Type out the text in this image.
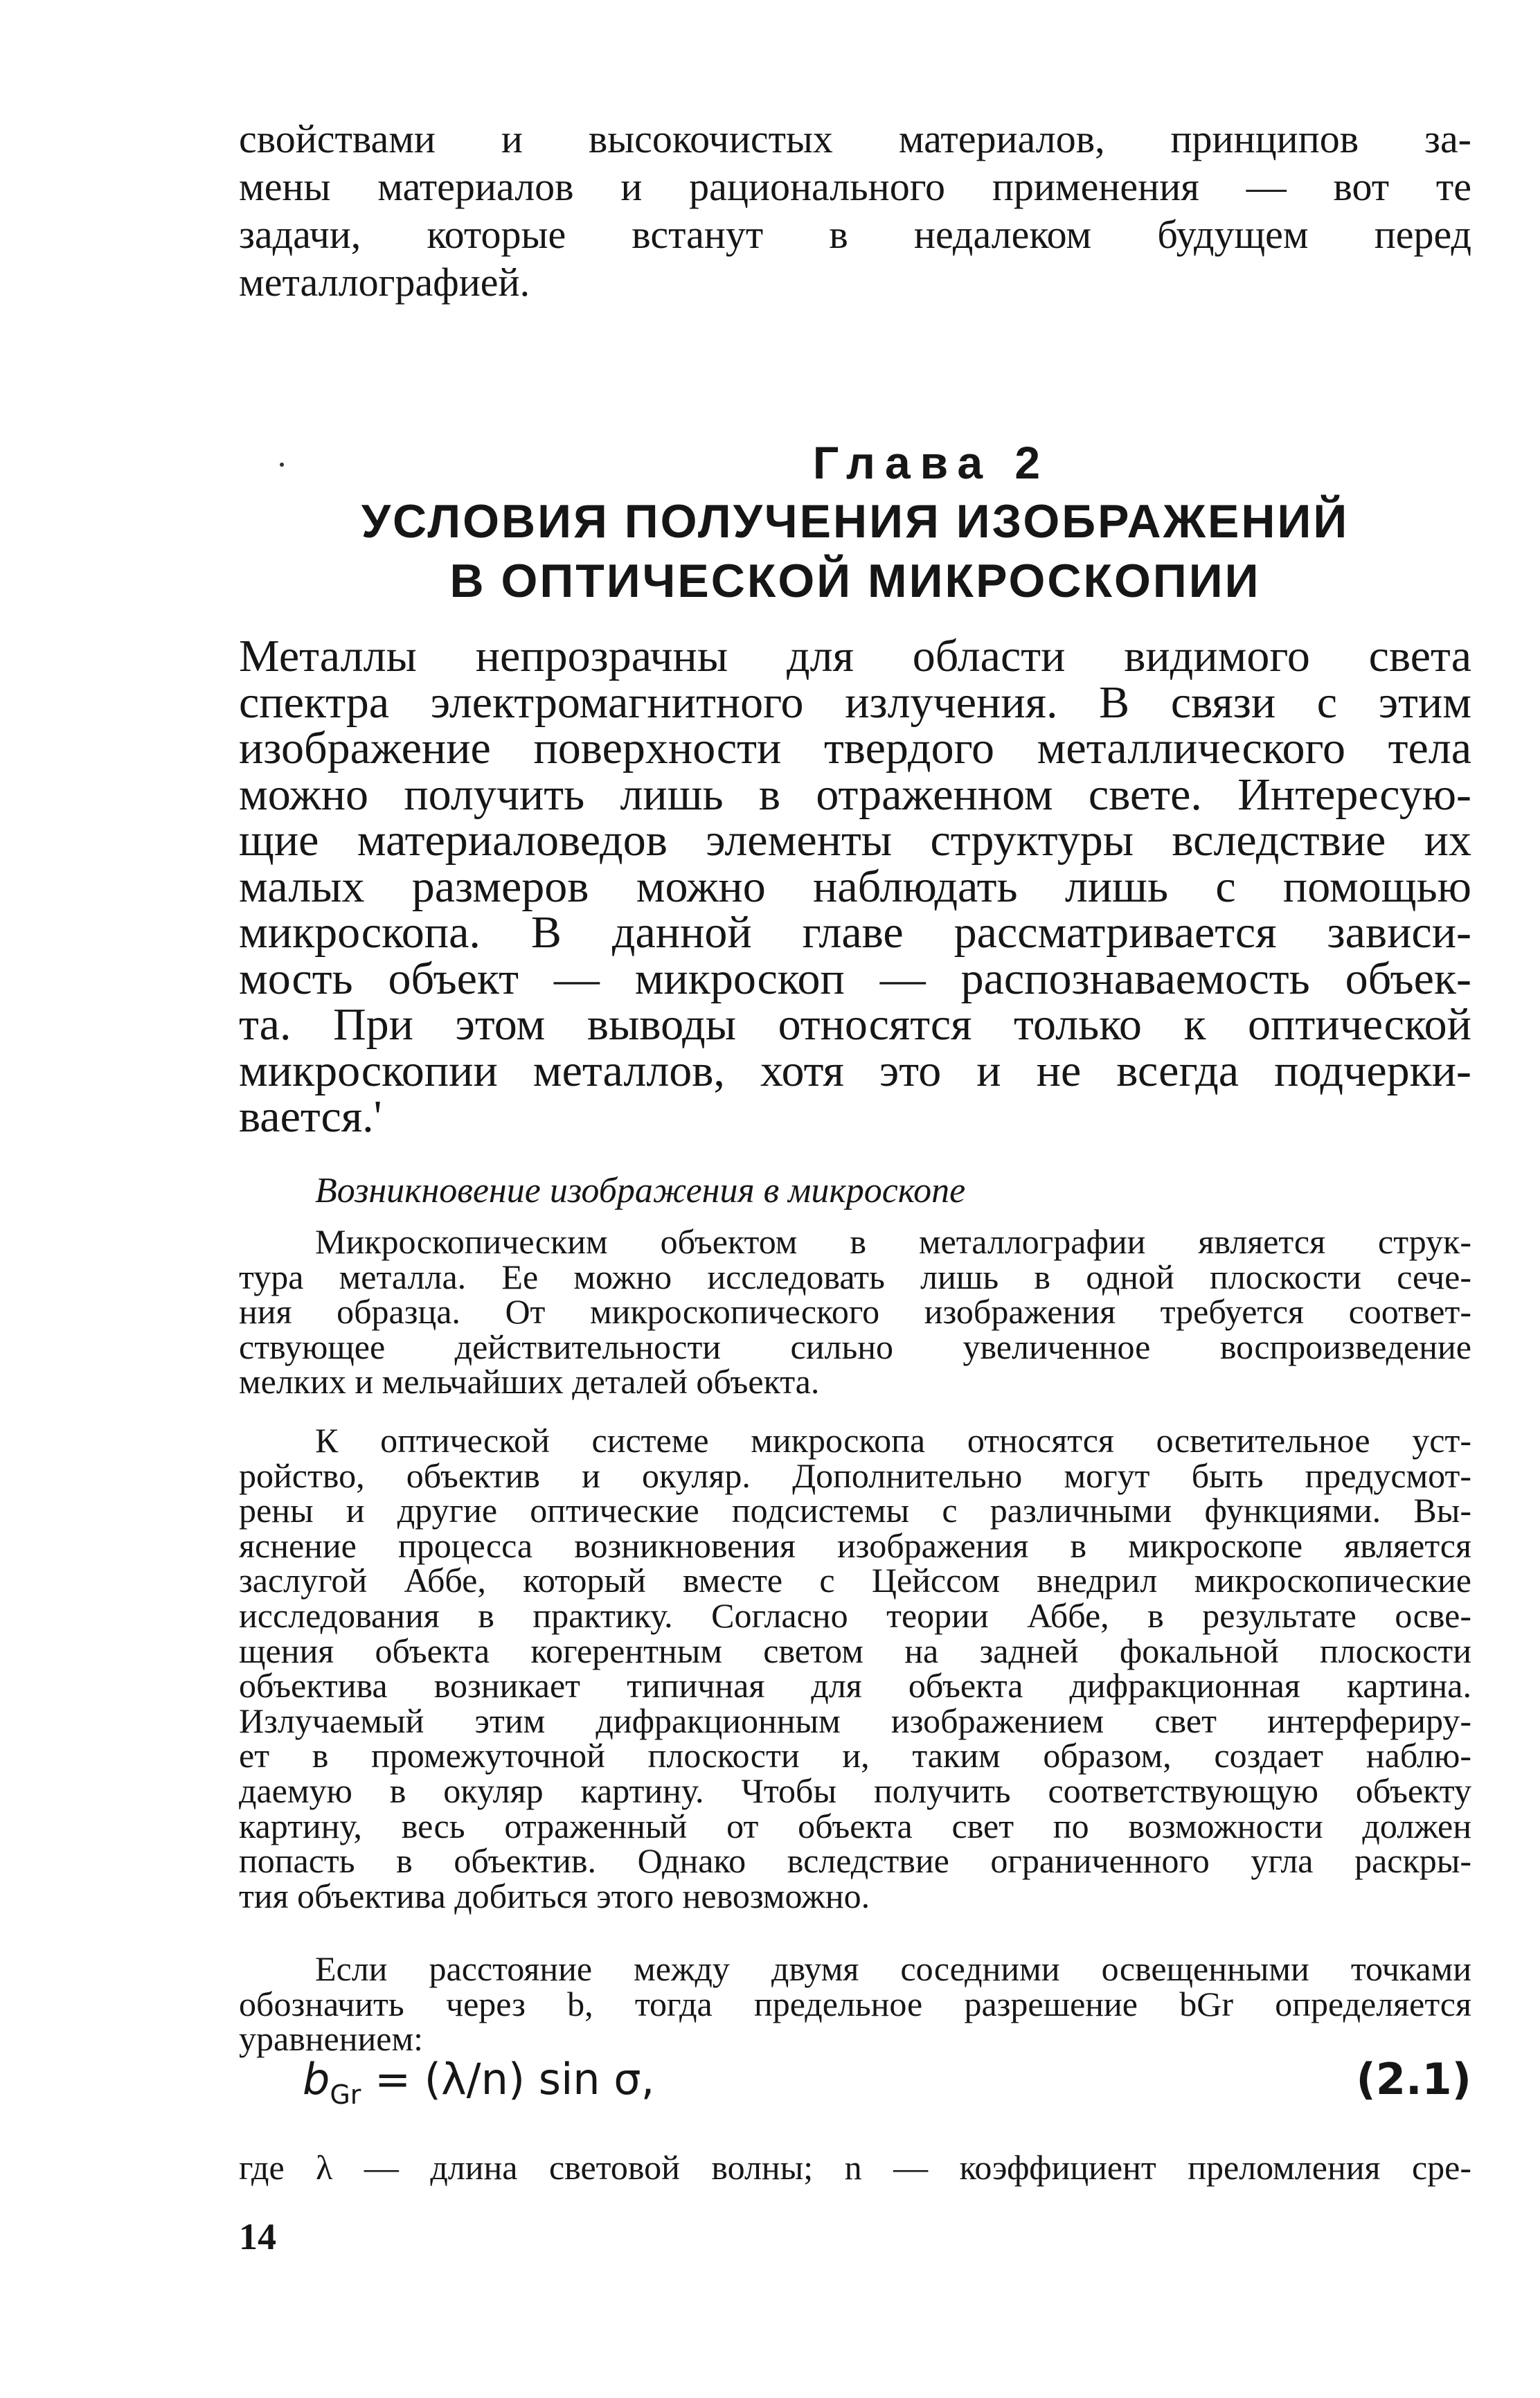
свойствами и высокочистых материалов, принципов за-
мены материалов и рационального применения — вот те
задачи, которые встанут в недалеком будущем перед
металлографией.
Глава 2
УСЛОВИЯ ПОЛУЧЕНИЯ ИЗОБРАЖЕНИЙ
В ОПТИЧЕСКОЙ МИКРОСКОПИИ
Металлы непрозрачны для области видимого света
спектра электромагнитного излучения. В связи с этим
изображение поверхности твердого металлического тела
можно получить лишь в отраженном свете. Интересую-
щие материаловедов элементы структуры вследствие их
малых размеров можно наблюдать лишь с помощью
микроскопа. В данной главе рассматривается зависи-
мость объект — микроскоп — распознаваемость объек-
та. При этом выводы относятся только к оптической
микроскопии металлов, хотя это и не всегда подчерки-
вается.'
Возникновение изображения в микроскопе
Микроскопическим объектом в металлографии является струк-
тура металла. Ее можно исследовать лишь в одной плоскости сече-
ния образца. От микроскопического изображения требуется соответ-
ствующее действительности сильно увеличенное воспроизведение
мелких и мельчайших деталей объекта.
К оптической системе микроскопа относятся осветительное уст-
ройство, объектив и окуляр. Дополнительно могут быть предусмот-
рены и другие оптические подсистемы с различными функциями. Вы-
яснение процесса возникновения изображения в микроскопе является
заслугой Аббе, который вместе с Цейссом внедрил микроскопические
исследования в практику. Согласно теории Аббе, в результате осве-
щения объекта когерентным светом на задней фокальной плоскости
объектива возникает типичная для объекта дифракционная картина.
Излучаемый этим дифракционным изображением свет интерфериру-
ет в промежуточной плоскости и, таким образом, создает наблю-
даемую в окуляр картину. Чтобы получить соответствующую объекту
картину, весь отраженный от объекта свет по возможности должен
попасть в объектив. Однако вследствие ограниченного угла раскры-
тия объектива добиться этого невозможно.
Если расстояние между двумя соседними освещенными точками
обозначить через b, тогда предельное разрешение bGr определяется
уравнением:
$b_{Gr} = (\lambda/n)$ sin σ,	(2.1)
где λ — длина световой волны; n — коэффициент преломления сре-
14
